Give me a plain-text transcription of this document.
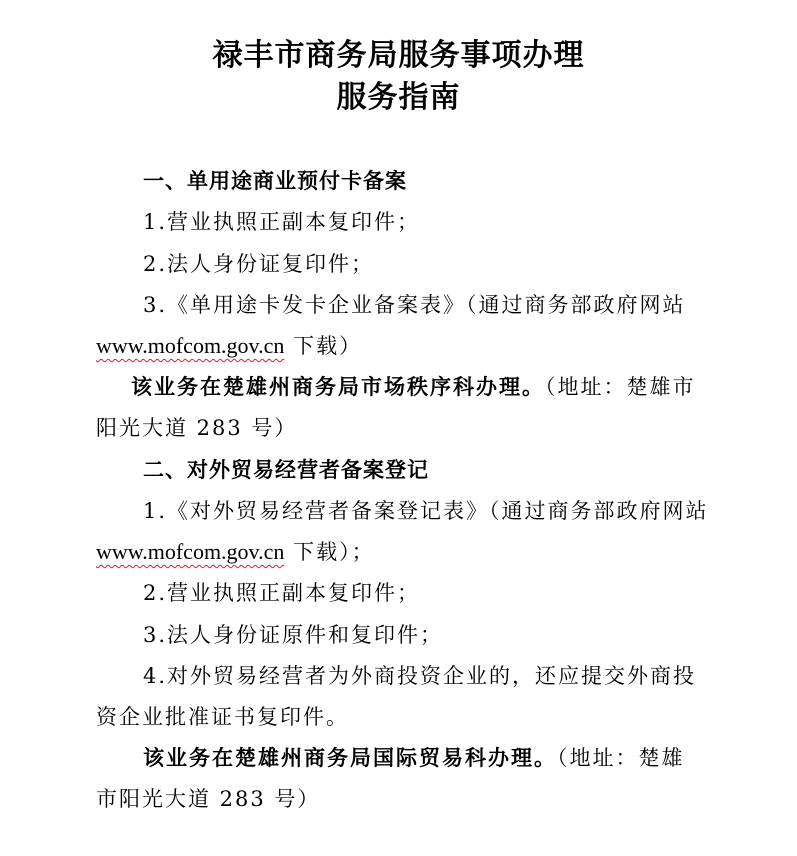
禄丰市商务局服务事项办理
服务指南
一、单用途商业预付卡备案
1.营业执照正副本复印件；
2.法人身份证复印件；
3.《单用途卡发卡企业备案表》（通过商务部政府网站
www.mofcom.gov.cn 下载）
该业务在楚雄州商务局市场秩序科办理。（地址：楚雄市
阳光大道 283 号）
二、对外贸易经营者备案登记
1.《对外贸易经营者备案登记表》（通过商务部政府网站
www.mofcom.gov.cn 下载）；
2.营业执照正副本复印件；
3.法人身份证原件和复印件；
4.对外贸易经营者为外商投资企业的，还应提交外商投
资企业批准证书复印件。
该业务在楚雄州商务局国际贸易科办理。（地址：楚雄
市阳光大道 283 号）
